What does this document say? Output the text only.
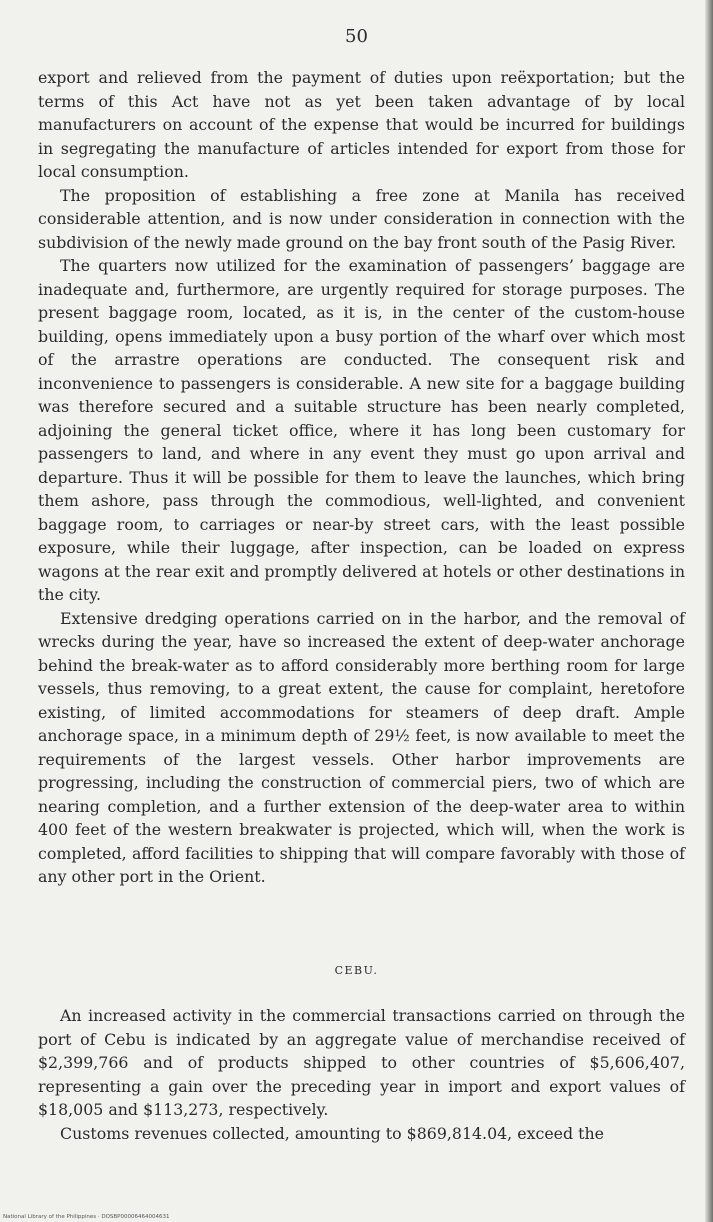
50

export and relieved from the payment of duties upon reëxportation; but the terms of this Act have not as yet been taken advantage of by local manufacturers on account of the expense that would be incurred for buildings in segregating the manufacture of articles intended for export from those for local consumption.

The proposition of establishing a free zone at Manila has received considerable attention, and is now under consideration in connection with the subdivision of the newly made ground on the bay front south of the Pasig River.

The quarters now utilized for the examination of passengers’ baggage are inadequate and, furthermore, are urgently required for storage purposes. The present baggage room, located, as it is, in the center of the custom-house building, opens immediately upon a busy portion of the wharf over which most of the arrastre operations are conducted. The consequent risk and inconvenience to passengers is considerable. A new site for a baggage building was therefore secured and a suitable structure has been nearly completed, adjoining the general ticket office, where it has long been customary for passengers to land, and where in any event they must go upon arrival and departure. Thus it will be possible for them to leave the launches, which bring them ashore, pass through the commodious, well-lighted, and convenient baggage room, to carriages or near-by street cars, with the least possible exposure, while their luggage, after inspection, can be loaded on express wagons at the rear exit and promptly delivered at hotels or other destinations in the city.

Extensive dredging operations carried on in the harbor, and the removal of wrecks during the year, have so increased the extent of deep-water anchorage behind the break-water as to afford considerably more berthing room for large vessels, thus removing, to a great extent, the cause for complaint, heretofore existing, of limited accommodations for steamers of deep draft. Ample anchorage space, in a minimum depth of 29½ feet, is now available to meet the requirements of the largest vessels. Other harbor improvements are progressing, including the construction of commercial piers, two of which are nearing completion, and a further extension of the deep-water area to within 400 feet of the western breakwater is projected, which will, when the work is completed, afford facilities to shipping that will compare favorably with those of any other port in the Orient.

CEBU.

An increased activity in the commercial transactions carried on through the port of Cebu is indicated by an aggregate value of merchandise received of $2,399,766 and of products shipped to other countries of $5,606,407, representing a gain over the preceding year in import and export values of $18,005 and $113,273, respectively.

Customs revenues collected, amounting to $869,814.04, exceed the

National Library of the Philippines · DOSBP00006464004631
